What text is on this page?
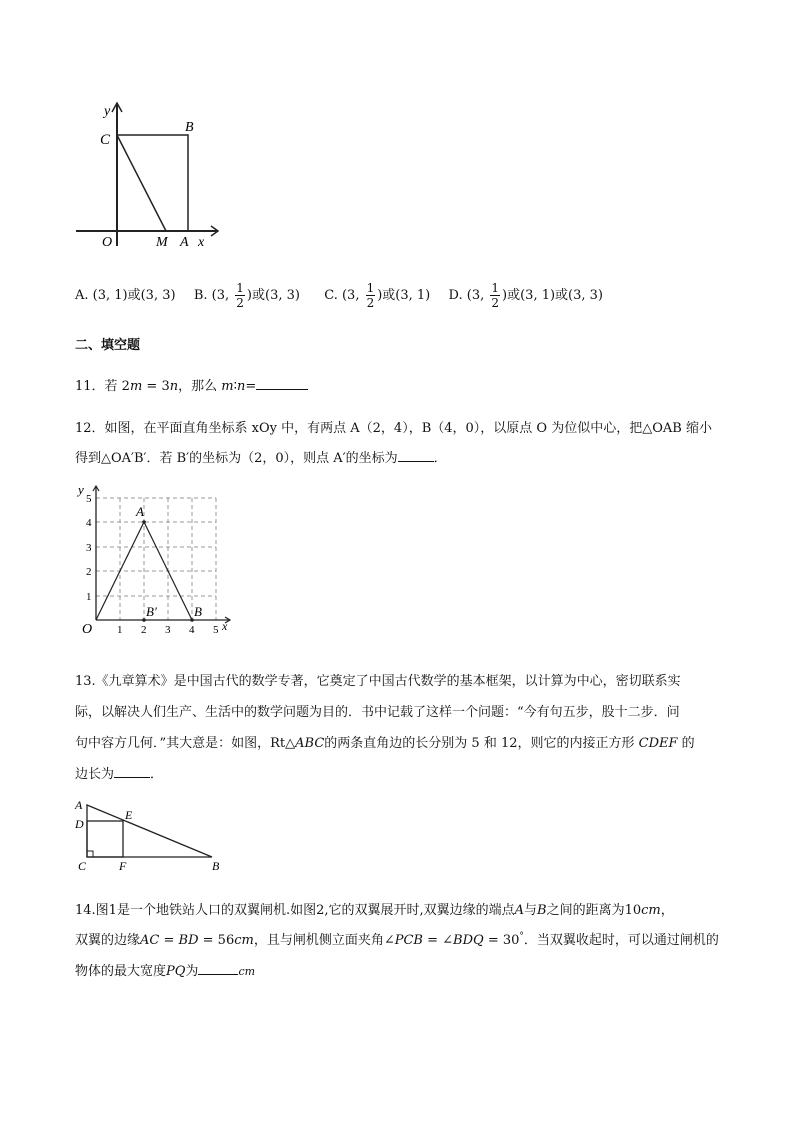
y
C
B
O	M A x
A. (3, 1)或(3, 3) B. (3, $\frac{1}{2}$ )或(3, 3) C. (3, $\frac{1}{2}$ )或(3, 1) D. (3, $\frac{1}{2}$ )或(3, 1)或(3, 3)
二、填空题
11．若 2m = 3n，那么 m∶n=
12．如图，在平面直角坐标系 xOy 中，有两点 A（2，4），B（4，0），以原点 O 为位似中心，把△OAB 缩小
得到△OA′B′．若 B′的坐标为（2，0），则点 A′的坐标为	．
y
x
O
A
B
B′
1 2 3 4 5
1
2
3
4
5
13.《九章算术》是中国古代的数学专著，它奠定了中国古代数学的基本框架，以计算为中心，密切联系实
际，以解决人们生产、生活中的数学问题为目的．书中记载了这样一个问题：“今有句五步，股十二步．问
句中容方几何．”其大意是：如图，Rt△ABC的两条直角边的长分别为 5 和 12，则它的内接正方形 CDEF 的
边长为	．
A
D
E
C	F	B
14.图1是一个地铁站人口的双翼闸机.如图2,它的双翼展开时,双翼边缘的端点A与B之间的距离为10cm，
双翼的边缘AC = BD = 56cm，且与闸机侧立面夹角∠PCB = ∠BDQ = 30°．当双翼收起时，可以通过闸机的
物体的最大宽度PQ为	cm
